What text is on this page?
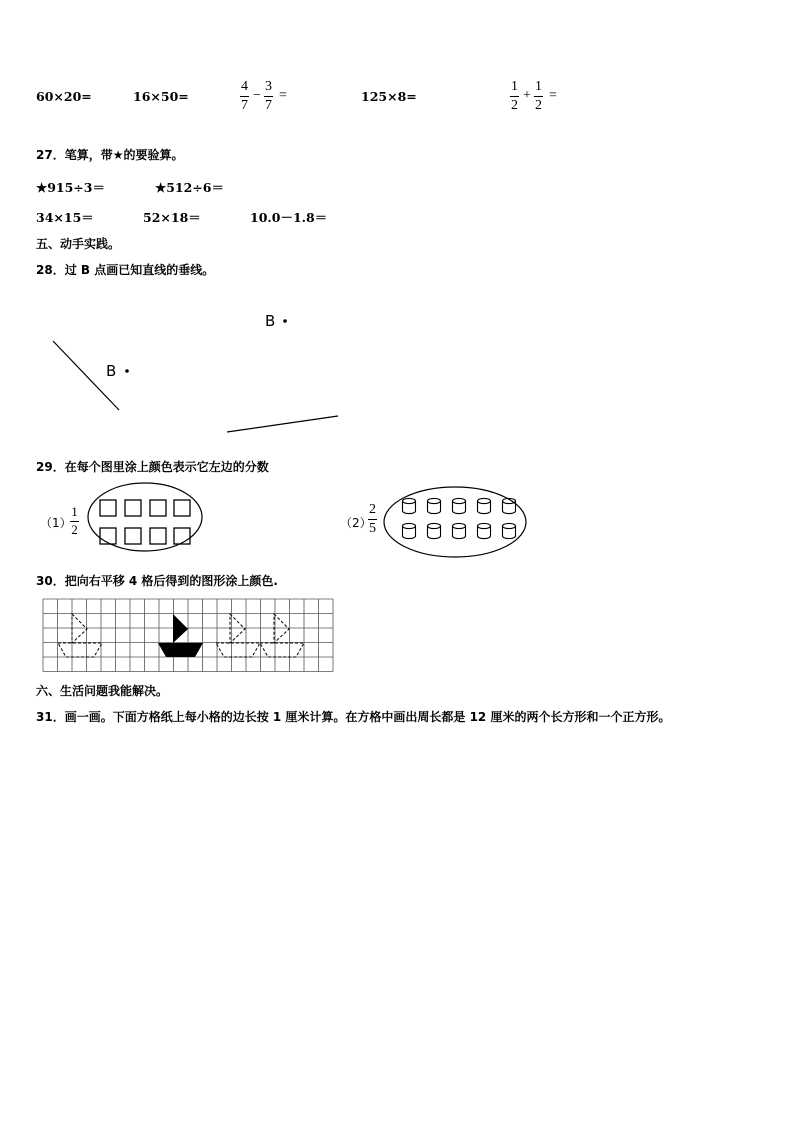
60×20=	16×50=
4
7
−
3
7
=	125×8=
1
2
+
1
2
=
27．笔算，带★的要验算。
★915÷3＝	★512÷6＝
34×15＝	52×18＝	10.0－1.8＝
五、动手实践。
28．过 B 点画已知直线的垂线。
B
B
29．在每个图里涂上颜色表示它左边的分数
（1）
1
2	（2）
2
5
30．把向右平移 4 格后得到的图形涂上颜色.
六、生活问题我能解决。
31．画一画。下面方格纸上每小格的边长按 1 厘米计算。在方格中画出周长都是 12 厘米的两个长方形和一个正方形。
